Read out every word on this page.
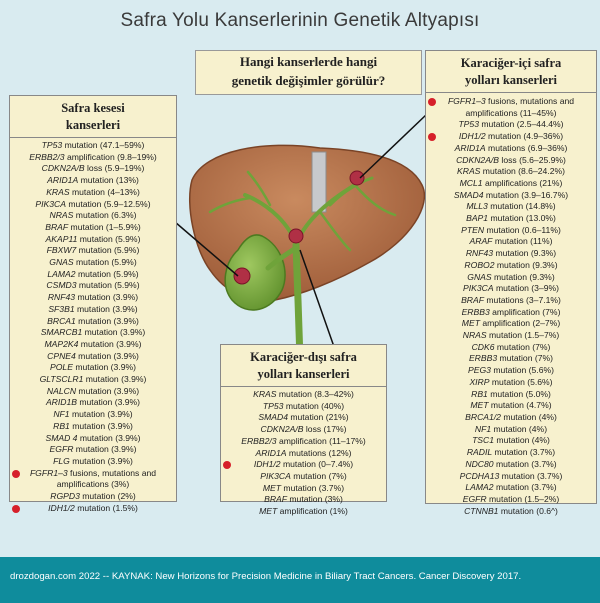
Safra Yolu Kanserlerinin Genetik Altyapısı
Hangi kanserlerde hangi
genetik değişimler görülür?
Safra kesesi
kanserleri
TP53 mutation (47.1–59%)
ERBB2/3 amplification (9.8–19%)
CDKN2A/B loss (5.9–19%)
ARID1A mutation (13%)
KRAS mutation (4–13%)
PIK3CA mutation (5.9–12.5%)
NRAS mutation (6.3%)
BRAF mutation (1–5.9%)
AKAP11 mutation (5.9%)
FBXW7 mutation (5.9%)
GNAS mutation (5.9%)
LAMA2 mutation (5.9%)
CSMD3 mutation (5.9%)
RNF43 mutation (3.9%)
SF3B1 mutation (3.9%)
BRCA1 mutation (3.9%)
SMARCB1 mutation (3.9%)
MAP2K4 mutation (3.9%)
CPNE4 mutation (3.9%)
POLE mutation (3.9%)
GLTSCLR1 mutation (3.9%)
NALCN mutation (3.9%)
ARID1B mutation (3.9%)
NF1 mutation (3.9%)
RB1 mutation (3.9%)
SMAD 4 mutation (3.9%)
EGFR mutation (3.9%)
FLG mutation (3.9%)
FGFR1–3 fusions, mutations and
amplifications (3%)
RGPD3 mutation (2%)
IDH1/2 mutation (1.5%)
Karaciğer-içi safra
yolları kanserleri
FGFR1–3 fusions, mutations and
amplifications (11–45%)
TP53 mutation (2.5–44.4%)
IDH1/2 mutation (4.9–36%)
ARID1A mutations (6.9–36%)
CDKN2A/B loss (5.6–25.9%)
KRAS mutation (8.6–24.2%)
MCL1 amplifications (21%)
SMAD4 mutation (3.9–16.7%)
MLL3 mutation (14.8%)
BAP1 mutation (13.0%)
PTEN mutation (0.6–11%)
ARAF mutation (11%)
RNF43 mutation (9.3%)
ROBO2 mutation (9.3%)
GNAS mutation (9.3%)
PIK3CA mutation (3–9%)
BRAF mutations (3–7.1%)
ERBB3 amplification (7%)
MET amplification (2–7%)
NRAS mutation (1.5–7%)
CDK6 mutation (7%)
ERBB3 mutation (7%)
PEG3 mutation (5.6%)
XIRP mutation (5.6%)
RB1 mutation (5.0%)
MET mutation (4.7%)
BRCA1/2 mutation (4%)
NF1 mutation (4%)
TSC1 mutation (4%)
RADIL mutation (3.7%)
NDC80 mutation (3.7%)
PCDHA13 mutation (3.7%)
LAMA2 mutation (3.7%)
EGFR mutation (1.5–2%)
CTNNB1 mutation (0.6^)
Karaciğer-dışı safra
yolları kanserleri
KRAS mutation (8.3–42%)
TP53 mutation (40%)
SMAD4 mutation (21%)
CDKN2A/B loss (17%)
ERBB2/3 amplification (11–17%)
ARID1A mutations (12%)
IDH1/2 mutation (0–7.4%)
PIK3CA mutation (7%)
MET mutation (3.7%)
BRAF mutation (3%)
MET amplification (1%)
drozdogan.com 2022 -- KAYNAK: New Horizons for Precision Medicine in Biliary Tract Cancers. Cancer Discovery 2017.
